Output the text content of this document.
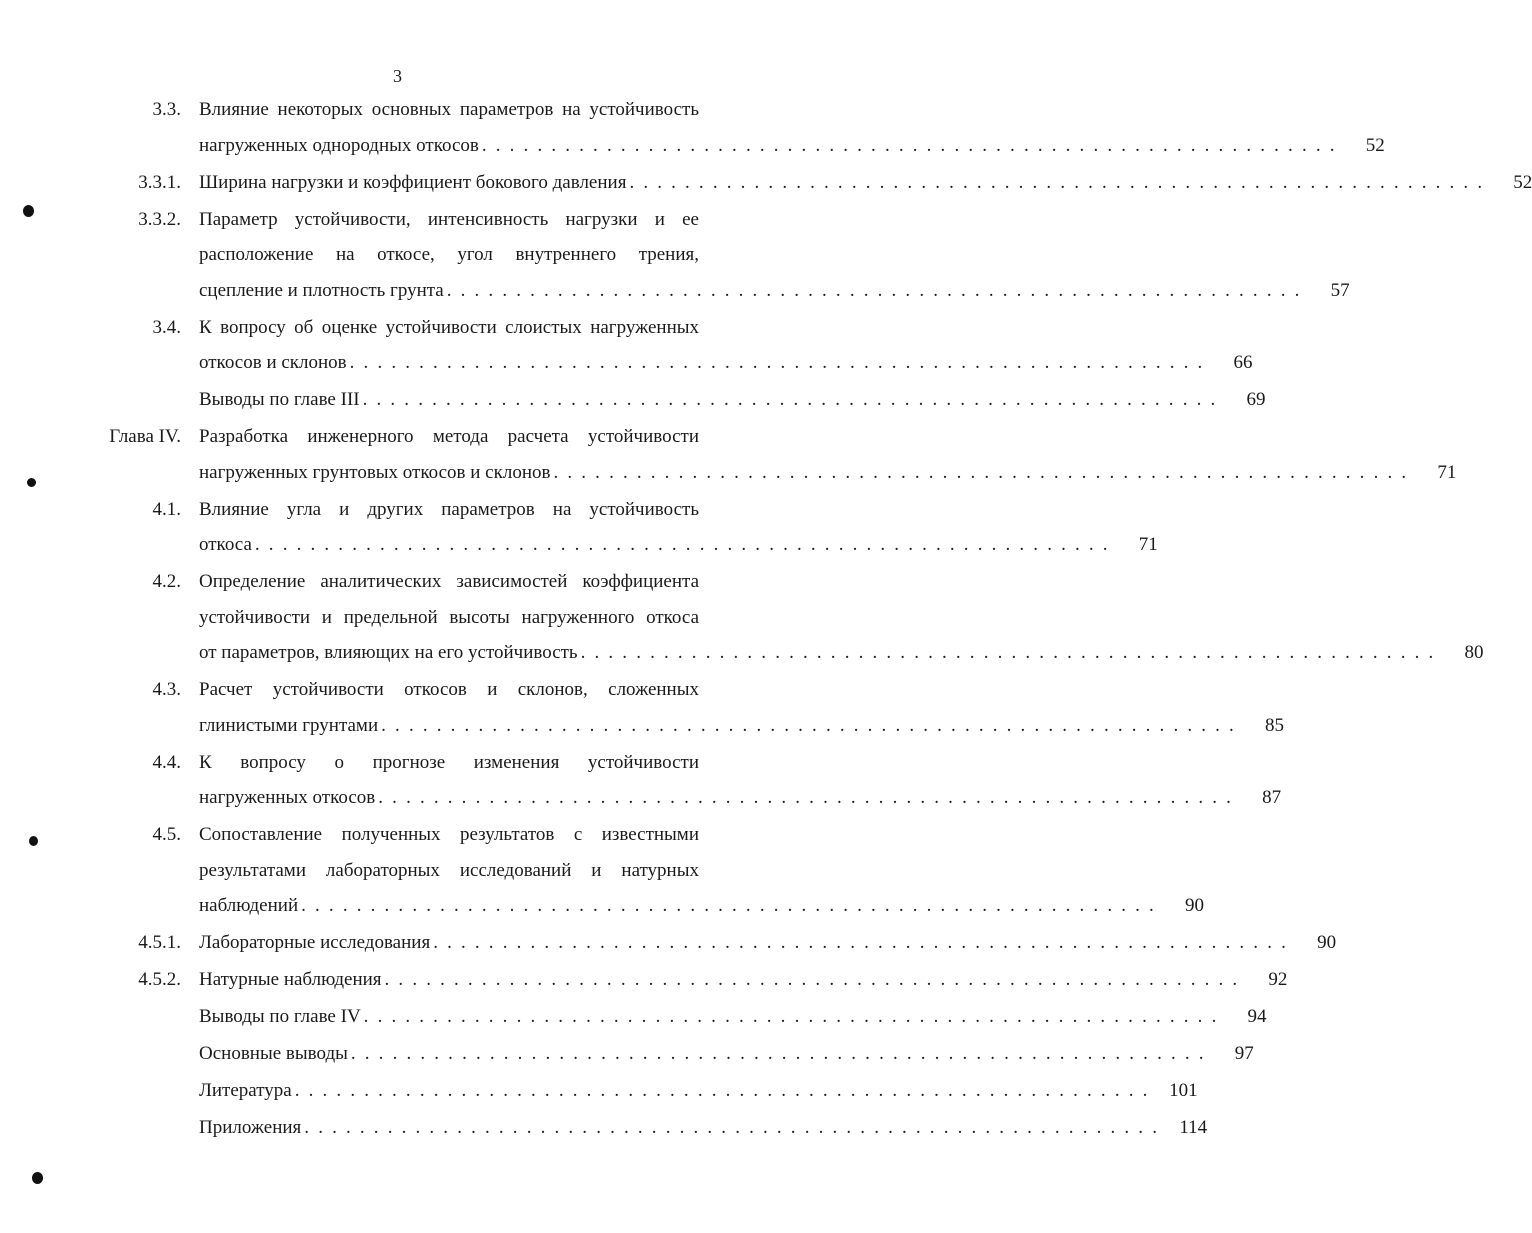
3
3.3. Влияние некоторых основных параметров на устойчивость
нагруженных однородных откосов . . . . . . . . . . . . . . . . . . . . . . . . . . . . . . . . . . . . . . . . . . . . . . . . . . . . . . . . . . . . . .	52
3.3.1. Ширина нагрузки и коэффициент бокового давления . . . . . . . . . . . . . . . . . . . . . . . . . . . . . . . . . . . . . . . . . . . . . . . . . . . . . . . . . . . . . .	52
3.3.2. Параметр устойчивости, интенсивность нагрузки и ее
расположение на откосе, угол внутреннего трения,
сцепление и плотность грунта . . . . . . . . . . . . . . . . . . . . . . . . . . . . . . . . . . . . . . . . . . . . . . . . . . . . . . . . . . . . . .	57
3.4. К вопросу об оценке устойчивости слоистых нагруженных
откосов и склонов . . . . . . . . . . . . . . . . . . . . . . . . . . . . . . . . . . . . . . . . . . . . . . . . . . . . . . . . . . . . . .	66
Выводы по главе III . . . . . . . . . . . . . . . . . . . . . . . . . . . . . . . . . . . . . . . . . . . . . . . . . . . . . . . . . . . . . .	69
Глава IV. Разработка инженерного метода расчета устойчивости
нагруженных грунтовых откосов и склонов . . . . . . . . . . . . . . . . . . . . . . . . . . . . . . . . . . . . . . . . . . . . . . . . . . . . . . . . . . . . . .	71
4.1. Влияние угла и других параметров на устойчивость
откоса . . . . . . . . . . . . . . . . . . . . . . . . . . . . . . . . . . . . . . . . . . . . . . . . . . . . . . . . . . . . . .	71
4.2. Определение аналитических зависимостей коэффициента
устойчивости и предельной высоты нагруженного откоса
от параметров, влияющих на его устойчивость . . . . . . . . . . . . . . . . . . . . . . . . . . . . . . . . . . . . . . . . . . . . . . . . . . . . . . . . . . . . . .	80
4.3. Расчет устойчивости откосов и склонов, сложенных
глинистыми грунтами . . . . . . . . . . . . . . . . . . . . . . . . . . . . . . . . . . . . . . . . . . . . . . . . . . . . . . . . . . . . . .	85
4.4. К вопросу о прогнозе изменения устойчивости
нагруженных откосов . . . . . . . . . . . . . . . . . . . . . . . . . . . . . . . . . . . . . . . . . . . . . . . . . . . . . . . . . . . . . .	87
4.5. Сопоставление полученных результатов с известными
результатами лабораторных исследований и натурных
наблюдений . . . . . . . . . . . . . . . . . . . . . . . . . . . . . . . . . . . . . . . . . . . . . . . . . . . . . . . . . . . . . .	90
4.5.1. Лабораторные исследования . . . . . . . . . . . . . . . . . . . . . . . . . . . . . . . . . . . . . . . . . . . . . . . . . . . . . . . . . . . . . .	90
4.5.2. Натурные наблюдения . . . . . . . . . . . . . . . . . . . . . . . . . . . . . . . . . . . . . . . . . . . . . . . . . . . . . . . . . . . . . .	92
Выводы по главе IV . . . . . . . . . . . . . . . . . . . . . . . . . . . . . . . . . . . . . . . . . . . . . . . . . . . . . . . . . . . . . .	94
Основные выводы . . . . . . . . . . . . . . . . . . . . . . . . . . . . . . . . . . . . . . . . . . . . . . . . . . . . . . . . . . . . . .	97
Литература . . . . . . . . . . . . . . . . . . . . . . . . . . . . . . . . . . . . . . . . . . . . . . . . . . . . . . . . . . . . . .	101
Приложения . . . . . . . . . . . . . . . . . . . . . . . . . . . . . . . . . . . . . . . . . . . . . . . . . . . . . . . . . . . . . .	114
